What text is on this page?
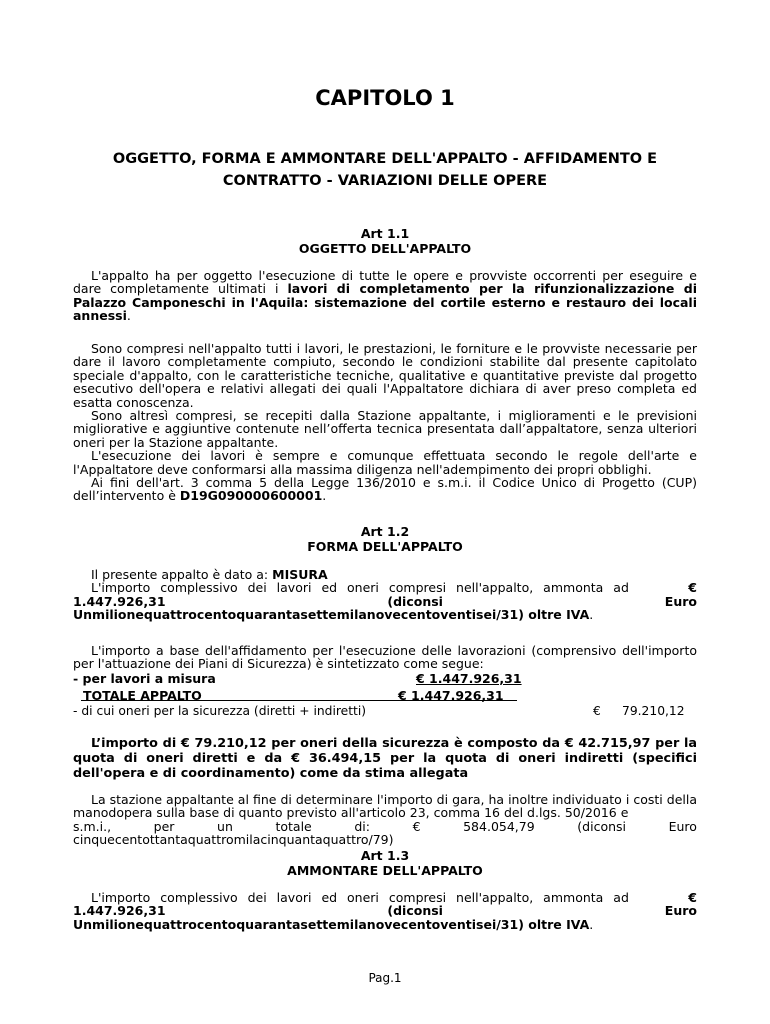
CAPITOLO 1
OGGETTO, FORMA E AMMONTARE DELL'APPALTO - AFFIDAMENTO E
CONTRATTO - VARIAZIONI DELLE OPERE
Art 1.1
OGGETTO DELL'APPALTO

L'appalto ha per oggetto l'esecuzione di tutte le opere e provviste occorrenti per eseguire e dare completamente ultimati i lavori di completamento per la rifunzionalizzazione di Palazzo Camponeschi in l'Aquila: sistemazione del cortile esterno e restauro dei locali annessi.

Sono compresi nell'appalto tutti i lavori, le prestazioni, le forniture e le provviste necessarie per dare il lavoro completamente compiuto, secondo le condizioni stabilite dal presente capitolato speciale d'appalto, con le caratteristiche tecniche, qualitative e quantitative previste dal progetto esecutivo dell'opera e relativi allegati dei quali l'Appaltatore dichiara di aver preso completa ed esatta conoscenza.

Sono altresì compresi, se recepiti dalla Stazione appaltante, i miglioramenti e le previsioni migliorative e aggiuntive contenute nell’offerta tecnica presentata dall’appaltatore, senza ulteriori oneri per la Stazione appaltante.

L'esecuzione dei lavori è sempre e comunque effettuata secondo le regole dell'arte e l'Appaltatore deve conformarsi alla massima diligenza nell'adempimento dei propri obblighi.

Ai fini dell'art. 3 comma 5 della Legge 136/2010 e s.m.i. il Codice Unico di Progetto (CUP) dell’intervento è D19G090000600001.

Art 1.2
FORMA DELL'APPALTO

Il presente appalto è dato a: MISURA

L'importo complessivo dei lavori ed oneri compresi nell'appalto, ammonta ad	€

1.447.926,31	(diconsi	Euro
Unmilionequattrocentoquarantasettemilanovecentoventisei/31) oltre IVA.

L'importo a base dell'affidamento per l'esecuzione delle lavorazioni (comprensivo dell'importo per l'attuazione dei Piani di Sicurezza) è sintetizzato come segue:

- per lavori a misura	€ 1.447.926,31
TOTALE APPALTO	€ 1.447.926,31
- di cui oneri per la sicurezza (diretti + indiretti)	€ 79.210,12

L’importo di € 79.210,12 per oneri della sicurezza è composto da € 42.715,97 per la quota di oneri diretti e da € 36.494,15 per la quota di oneri indiretti (specifici dell'opera e di coordinamento) come da stima allegata

La stazione appaltante al fine di determinare l'importo di gara, ha inoltre individuato i costi della manodopera sulla base di quanto previsto all'articolo 23, comma 16 del d.lgs. 50/2016 e

s.m.i.,	per	un	totale	di:	€	584.054,79	(diconsi	Euro
cinquecentottantaquattromilacinquantaquattro/79)
Art 1.3
AMMONTARE DELL'APPALTO

L'importo complessivo dei lavori ed oneri compresi nell'appalto, ammonta ad	€

1.447.926,31	(diconsi	Euro
Unmilionequattrocentoquarantasettemilanovecentoventisei/31) oltre IVA.
Pag.1
